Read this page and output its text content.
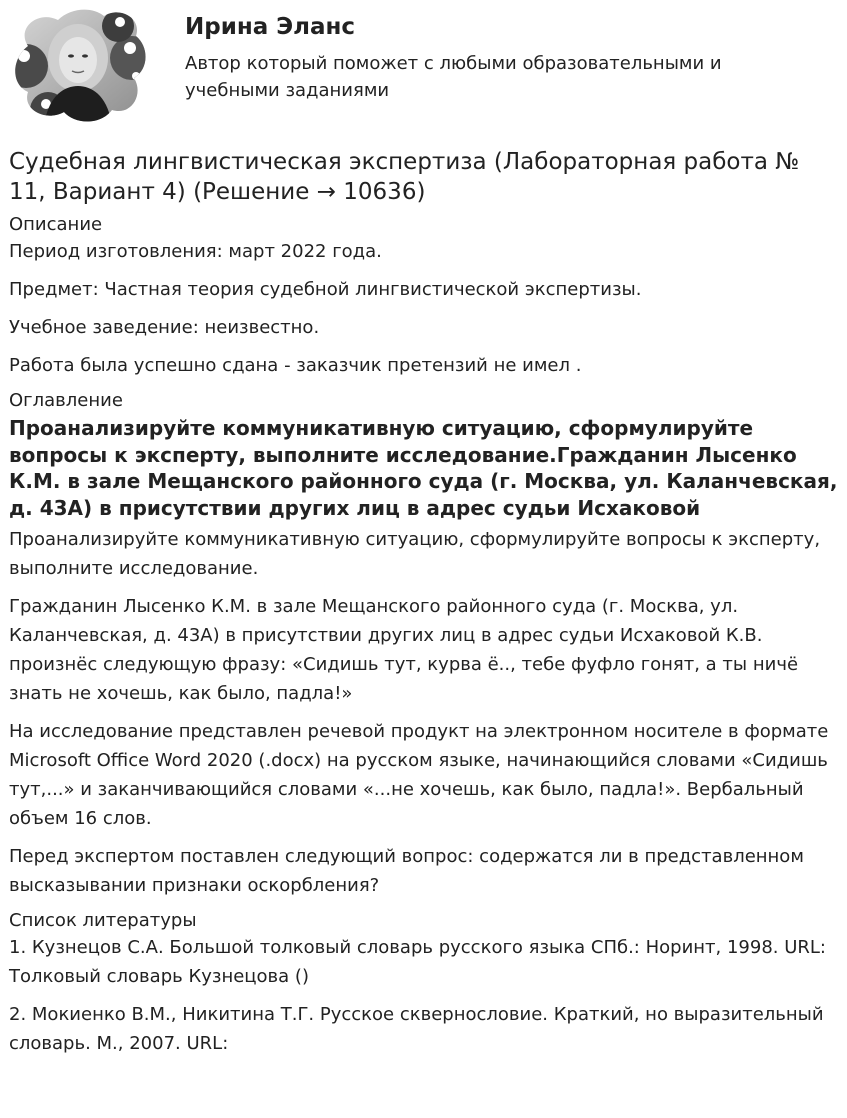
Ирина Эланс
Автор который поможет с любыми образовательными и учебными заданиями
Судебная лингвистическая экспертиза (Лабораторная работа № 11, Вариант 4) (Решение → 10636)
Описание

Период изготовления: март 2022 года.

Предмет: Частная теория судебной лингвистической экспертизы.

Учебное заведение: неизвестно.

Работа была успешно сдана - заказчик претензий не имел .

Оглавление
Проанализируйте коммуникативную ситуацию, сформулируйте вопросы к эксперту, выполните исследование.Гражданин Лысенко К.М. в зале Мещанского районного суда (г. Москва, ул. Каланчевская, д. 43А) в присутствии других лиц в адрес судьи Исхаковой

Проанализируйте коммуникативную ситуацию, сформулируйте вопросы к эксперту, выполните исследование.

Гражданин Лысенко К.М. в зале Мещанского районного суда (г. Москва, ул. Каланчевская, д. 43А) в присутствии других лиц в адрес судьи Исхаковой К.В. произнёс следующую фразу: «Сидишь тут, курва ё.., тебе фуфло гонят, а ты ничё знать не хочешь, как было, падла!»

На исследование представлен речевой продукт на электронном носителе в формате Microsoft Office Word 2020 (.docx) на русском языке, начинающийся словами «Сидишь тут,...» и заканчивающийся словами «...не хочешь, как было, падла!». Вербальный объем 16 слов.

Перед экспертом поставлен следующий вопрос: содержатся ли в представленном высказывании признаки оскорбления?

Список литературы

1. Кузнецов С.А. Большой толковый словарь русского языка СПб.: Норинт, 1998. URL: Толковый словарь Кузнецова ()

2. Мокиенко В.М., Никитина Т.Г. Русское сквернословие. Краткий, но выразительный словарь. М., 2007. URL:
